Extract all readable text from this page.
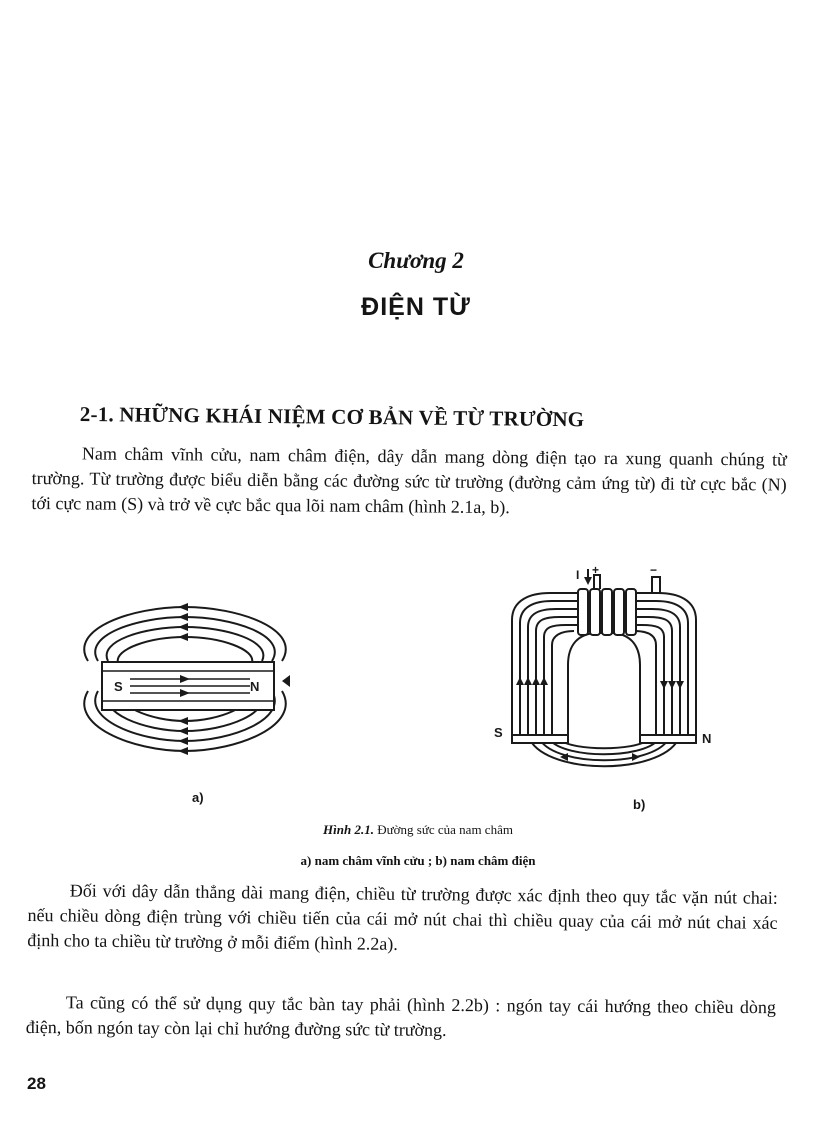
Chương 2
ĐIỆN TỪ
2-1. NHỮNG KHÁI NIỆM CƠ BẢN VỀ TỪ TRƯỜNG
Nam châm vĩnh cửu, nam châm điện, dây dẫn mang dòng điện tạo ra xung quanh chúng từ trường. Từ trường được biểu diễn bằng các đường sức từ trường (đường cảm ứng từ) đi từ cực bắc (N) tới cực nam (S) và trở về cực bắc qua lõi nam châm (hình 2.1a, b).
S	N
a)
I +	−
S	N
b)
Hình 2.1. Đường sức của nam châm
a) nam châm vĩnh cửu ; b) nam châm điện
Đối với dây dẫn thẳng dài mang điện, chiều từ trường được xác định theo quy tắc vặn nút chai: nếu chiều dòng điện trùng với chiều tiến của cái mở nút chai thì chiều quay của cái mở nút chai xác định cho ta chiều từ trường ở mỗi điểm (hình 2.2a).
Ta cũng có thể sử dụng quy tắc bàn tay phải (hình 2.2b) : ngón tay cái hướng theo chiều dòng điện, bốn ngón tay còn lại chỉ hướng đường sức từ trường.
28
